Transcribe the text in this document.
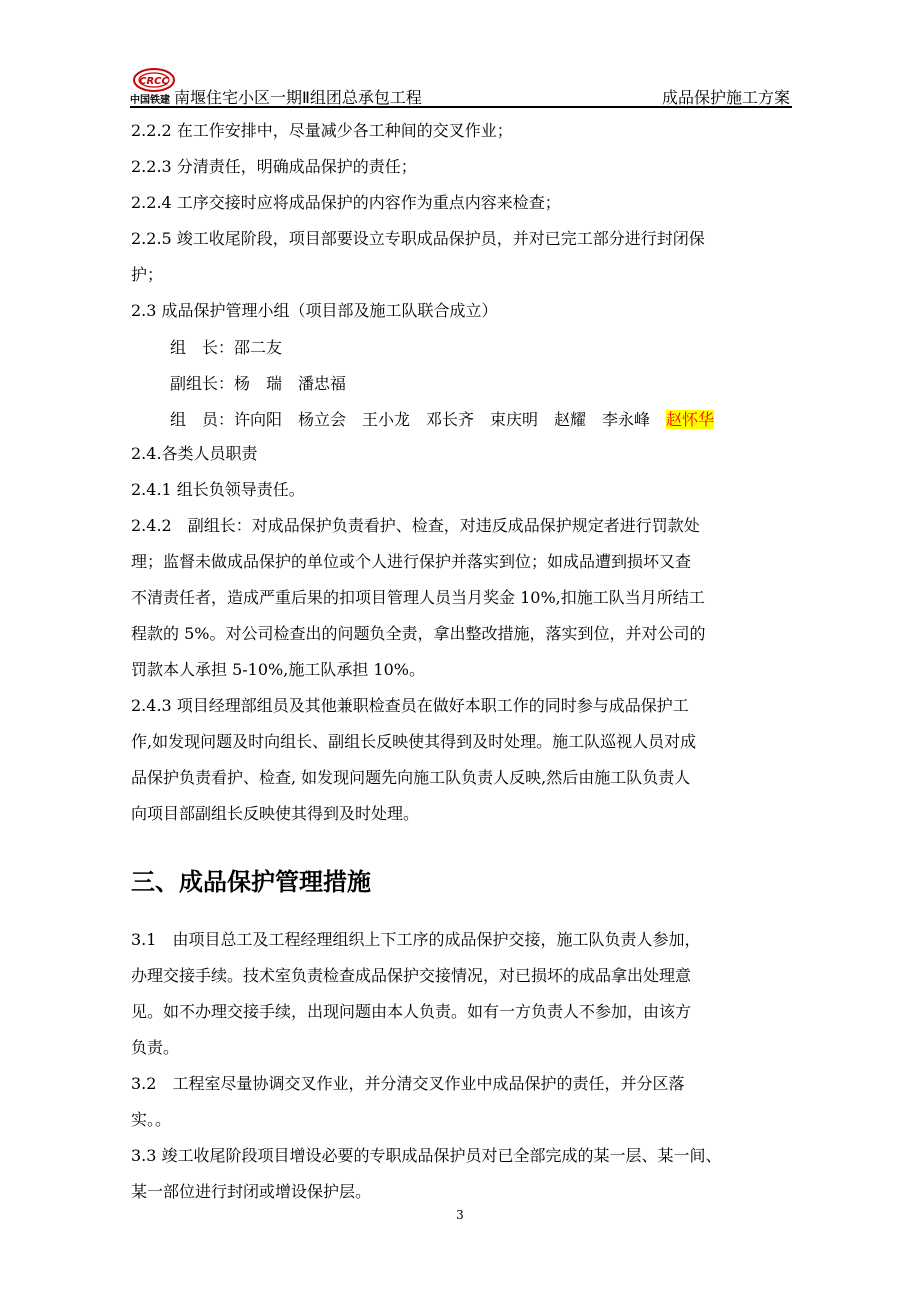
CRCC
中国铁建 南堰住宅小区一期Ⅱ组团总承包工程	成品保护施工方案
2.2.2 在工作安排中，尽量减少各工种间的交叉作业；
2.2.3 分清责任，明确成品保护的责任；
2.2.4 工序交接时应将成品保护的内容作为重点内容来检查；
2.2.5 竣工收尾阶段，项目部要设立专职成品保护员，并对已完工部分进行封闭保
护；
2.3 成品保护管理小组（项目部及施工队联合成立）
组　长：邵二友
副组长：杨　瑞　潘忠福
组　员：许向阳　杨立会　王小龙　邓长齐　束庆明　赵耀　李永峰　赵怀华
2.4.各类人员职责
2.4.1 组长负领导责任。
2.4.2　副组长：对成品保护负责看护、检查，对违反成品保护规定者进行罚款处
理；监督未做成品保护的单位或个人进行保护并落实到位；如成品遭到损坏又查
不清责任者，造成严重后果的扣项目管理人员当月奖金 10%,扣施工队当月所结工
程款的 5%。对公司检查出的问题负全责，拿出整改措施，落实到位，并对公司的
罚款本人承担 5-10%,施工队承担 10%。
2.4.3 项目经理部组员及其他兼职检查员在做好本职工作的同时参与成品保护工
作,如发现问题及时向组长、副组长反映使其得到及时处理。施工队巡视人员对成
品保护负责看护、检查, 如发现问题先向施工队负责人反映,然后由施工队负责人
向项目部副组长反映使其得到及时处理。
三、成品保护管理措施
3.1　由项目总工及工程经理组织上下工序的成品保护交接，施工队负责人参加，
办理交接手续。技术室负责检查成品保护交接情况，对已损坏的成品拿出处理意
见。如不办理交接手续，出现问题由本人负责。如有一方负责人不参加，由该方
负责。
3.2　工程室尽量协调交叉作业，并分清交叉作业中成品保护的责任，并分区落
实。。
3.3 竣工收尾阶段项目增设必要的专职成品保护员对已全部完成的某一层、某一间、
某一部位进行封闭或增设保护层。
3
